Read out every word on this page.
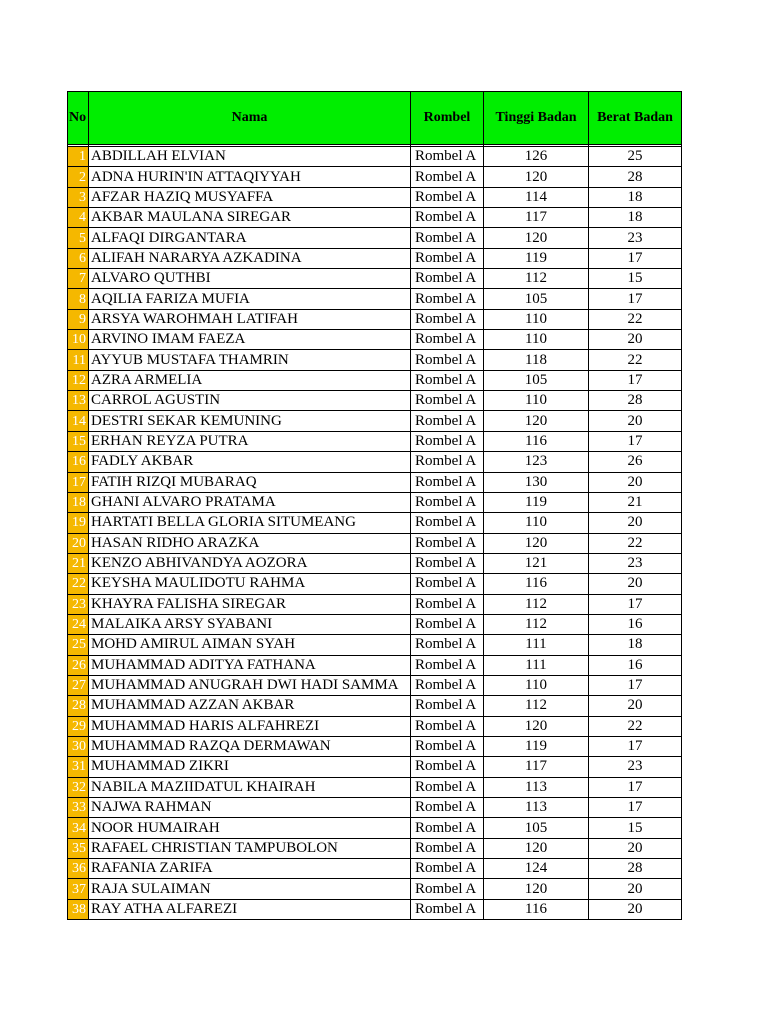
No	Nama	Rombel	Tinggi Badan	Berat Badan

1	ABDILLAH ELVIAN	Rombel A	126	25
2	ADNA HURIN'IN ATTAQIYYAH	Rombel A	120	28
3	AFZAR HAZIQ MUSYAFFA	Rombel A	114	18
4	AKBAR MAULANA SIREGAR	Rombel A	117	18
5	ALFAQI DIRGANTARA	Rombel A	120	23
6	ALIFAH NARARYA AZKADINA	Rombel A	119	17
7	ALVARO QUTHBI	Rombel A	112	15
8	AQILIA FARIZA MUFIA	Rombel A	105	17
9	ARSYA WAROHMAH LATIFAH	Rombel A	110	22
10	ARVINO IMAM FAEZA	Rombel A	110	20
11	AYYUB MUSTAFA THAMRIN	Rombel A	118	22
12	AZRA ARMELIA	Rombel A	105	17
13	CARROL AGUSTIN	Rombel A	110	28
14	DESTRI SEKAR KEMUNING	Rombel A	120	20
15	ERHAN REYZA PUTRA	Rombel A	116	17
16	FADLY AKBAR	Rombel A	123	26
17	FATIH RIZQI MUBARAQ	Rombel A	130	20
18	GHANI ALVARO PRATAMA	Rombel A	119	21
19	HARTATI BELLA GLORIA SITUMEANG	Rombel A	110	20
20	HASAN RIDHO ARAZKA	Rombel A	120	22
21	KENZO ABHIVANDYA AOZORA	Rombel A	121	23
22	KEYSHA MAULIDOTU RAHMA	Rombel A	116	20
23	KHAYRA FALISHA SIREGAR	Rombel A	112	17
24	MALAIKA ARSY SYABANI	Rombel A	112	16
25	MOHD AMIRUL AIMAN SYAH	Rombel A	111	18
26	MUHAMMAD ADITYA FATHANA	Rombel A	111	16
27	MUHAMMAD ANUGRAH DWI HADI SAMMA	Rombel A	110	17
28	MUHAMMAD AZZAN AKBAR	Rombel A	112	20
29	MUHAMMAD HARIS ALFAHREZI	Rombel A	120	22
30	MUHAMMAD RAZQA DERMAWAN	Rombel A	119	17
31	MUHAMMAD ZIKRI	Rombel A	117	23
32	NABILA MAZIIDATUL KHAIRAH	Rombel A	113	17
33	NAJWA RAHMAN	Rombel A	113	17
34	NOOR HUMAIRAH	Rombel A	105	15
35	RAFAEL CHRISTIAN TAMPUBOLON	Rombel A	120	20
36	RAFANIA ZARIFA	Rombel A	124	28
37	RAJA SULAIMAN	Rombel A	120	20
38	RAY ATHA ALFAREZI	Rombel A	116	20
